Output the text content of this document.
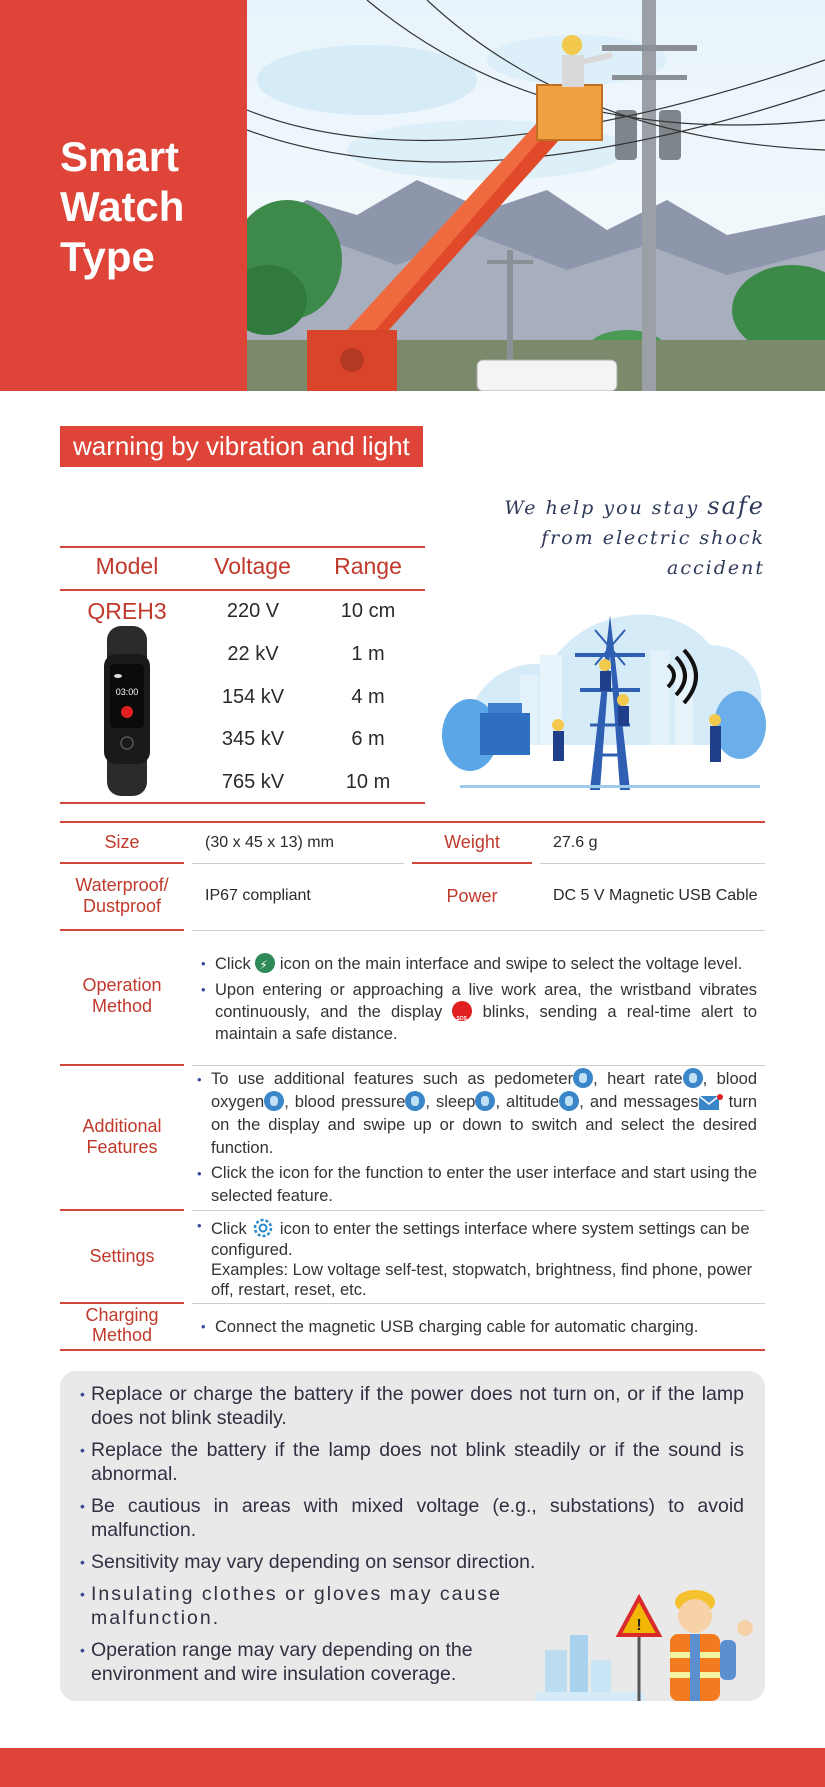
Smart
Watch
Type
warning by vibration and light
We help you stay safe
from electric shock
accident
Model	Voltage	Range
QREH3
03:00
220 V	10 cm
22 kV	1 m
154 kV	4 m
345 kV	6 m
765 kV	10 m
Size	(30 x 45 x 13) mm	Weight	27.6 g
Waterproof/
Dustproof
IP67 compliant	Power	DC 5 V Magnetic USB Cable
Operation
Method
• Click ⚡ icon on the main interface and swipe to select the voltage level.
• Upon entering or approaching a live work area, the wristband vibrates continuously, and the display SOS blinks, sending a real-time alert to maintain a safe distance.
Additional
Features
• To use additional features such as pedometer , heart rate , blood oxygen , blood pressure , sleep , altitude , and messages turn on the display and swipe up or down to switch and select the desired function.
• Click the icon for the function to enter the user interface and start using the selected feature.
Settings
• Click  icon to enter the settings interface where system settings can be configured.
Examples: Low voltage self-test, stopwatch, brightness, find phone, power off, restart, reset, etc.
Charging
Method
•	Connect the magnetic USB charging cable for automatic charging.
• Replace or charge the battery if the power does not turn on, or if the lamp does not blink steadily.
• Replace the battery if the lamp does not blink steadily or if the sound is abnormal.
• Be cautious in areas with mixed voltage (e.g., substations) to avoid malfunction.
• Sensitivity may vary depending on sensor direction.
• Insulating clothes or gloves may cause malfunction.
• Operation range may vary depending on the environment and wire insulation coverage.
!
